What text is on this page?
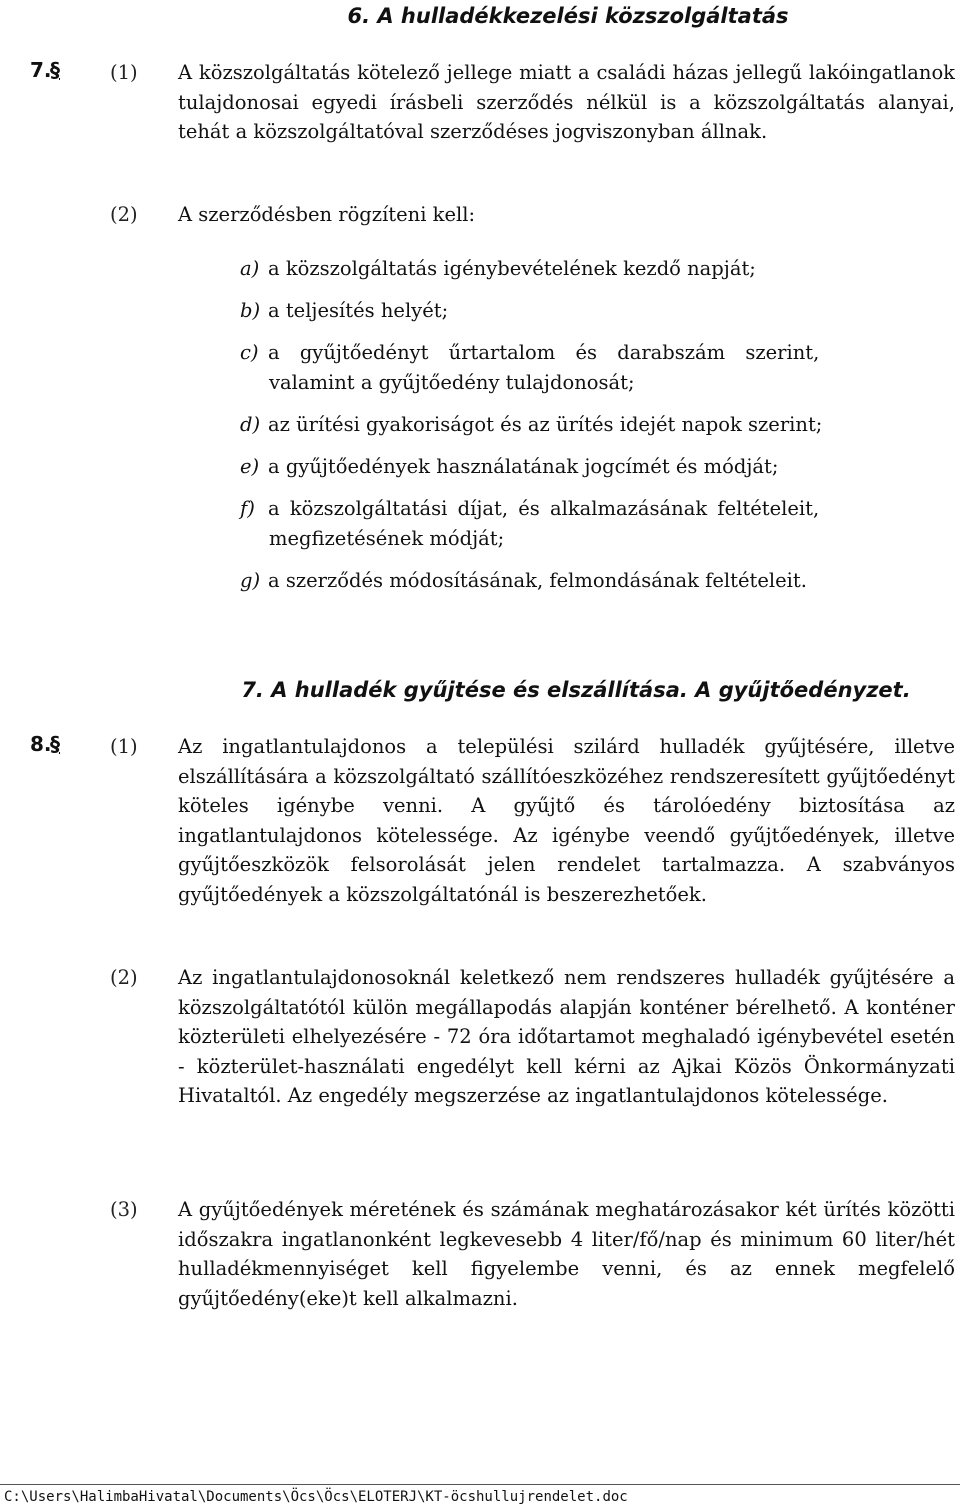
6. A hulladékkezelési közszolgáltatás
7.
§	(1) A közszolgáltatás kötelező jellege miatt a családi házas jellegű lakóingatlanok tulajdonosai egyedi írásbeli szerződés nélkül is a közszolgáltatás alanyai, tehát a közszolgáltatóval szerződéses jogviszonyban állnak.

(2) A szerződésben rögzíteni kell:

a) a közszolgáltatás igénybevételének kezdő napját;
b) a teljesítés helyét;
c) a gyűjtőedényt űrtartalom és darabszám szerint,
valamint a gyűjtőedény tulajdonosát;
d) az ürítési gyakoriságot és az ürítés idejét napok szerint;
e) a gyűjtőedények használatának jogcímét és módját;
f) a közszolgáltatási díjat, és alkalmazásának feltételeit,
megfizetésének módját;
g) a szerződés módosításának, felmondásának feltételeit.
7. A hulladék gyűjtése és elszállítása. A gyűjtőedényzet.
8.
§	(1) Az ingatlantulajdonos a települési szilárd hulladék gyűjtésére, illetve elszállítására a közszolgáltató szállítóeszközéhez rendszeresített gyűjtőedényt köteles igénybe venni. A gyűjtő és tárolóedény biztosítása az ingatlantulajdonos kötelessége. Az igénybe veendő gyűjtőedények, illetve gyűjtőeszközök felsorolását jelen rendelet tartalmazza. A szabványos gyűjtőedények a közszolgáltatónál is beszerezhetőek.

(2) Az ingatlantulajdonosoknál keletkező nem rendszeres hulladék gyűjtésére a közszolgáltatótól külön megállapodás alapján konténer bérelhető. A konténer közterületi elhelyezésére - 72 óra időtartamot meghaladó igénybevétel esetén - közterület-használati engedélyt kell kérni az Ajkai Közös Önkormányzati Hivataltól. Az engedély megszerzése az ingatlantulajdonos kötelessége.

(3) A gyűjtőedények méretének és számának meghatározásakor két ürítés közötti időszakra ingatlanonként legkevesebb 4 liter/fő/nap és minimum 60 liter/hét hulladékmennyiséget kell figyelembe venni, és az ennek megfelelő gyűjtőedény(eke)t kell alkalmazni.

C:\Users\HalimbaHivatal\Documents\Öcs\Öcs\ELOTERJ\KT-öcshullujrendelet.doc
